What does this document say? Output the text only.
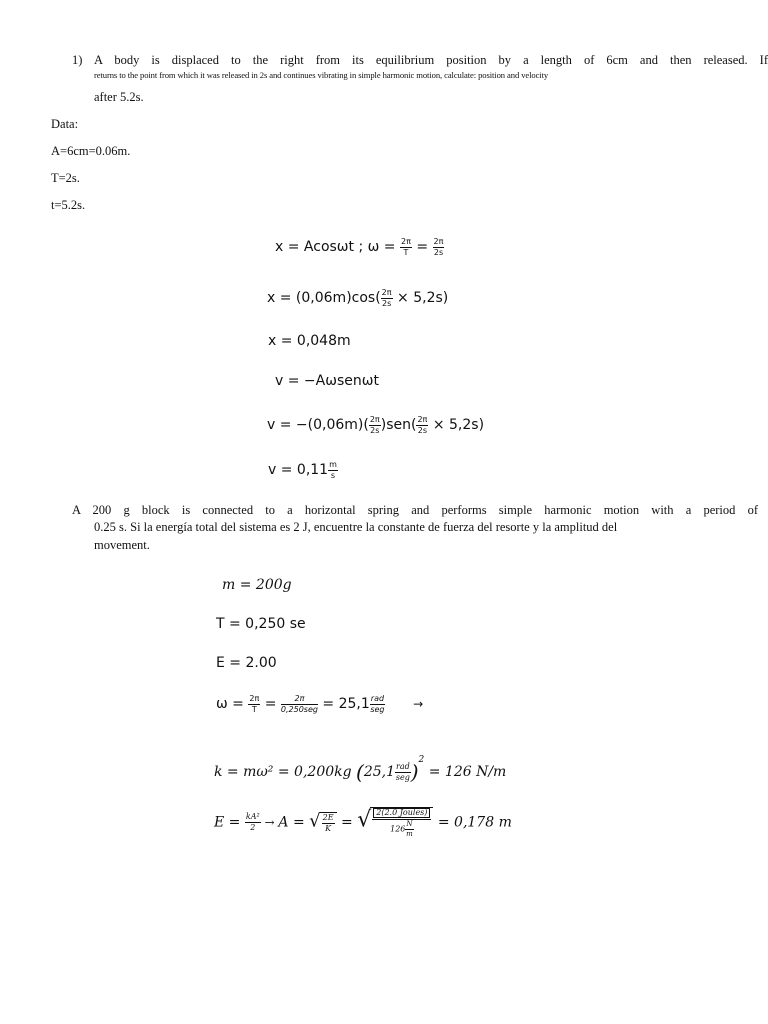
1) A body is displaced to the right from its equilibrium position by a length of 6cm and then released. If
returns to the point from which it was released in 2s and continues vibrating in simple harmonic motion, calculate: position and velocity
after 5.2s.
Data:
A=6cm=0.06m.
T=2s.
t=5.2s.
x = Acosωt ; $\omega = \frac{2\pi}{T} = \frac{2\pi}{2s}$
$x = (0,06m)\cos( \frac{2\pi}{2s} \times 5,2s)$
x = 0,048m
v = −Aωsenωt
$v = -(0,06m)( \frac{2\pi}{2s} )sen( \frac{2\pi}{2s} \times 5,2s)$
$v = 0,11 \frac{m}{s}$
A 200 g block is connected to a horizontal spring and performs simple harmonic motion with a period of
0.25 s. Si la energía total del sistema es 2 J, encuentre la constante de fuerza del resorte y la amplitud del
movement.
m = 200g
T = 0,250 se
E = 2.00
$\omega = \frac{2\pi}{T} = \frac{2\pi}{\text{0,250seg}} = 25,1 \frac{\text{rad}}{\text{seg}}$ →
k = mω² = 0,200kg $(25,1 \frac{\text{rad}}{\text{seg}} )^2 = 126$ N/m
$E = \frac{\text{kA²}}{2} \to A$ = √ $\frac{2E}{K}$ = √ $\frac{\text{2(2.0 Joules)}}{126 \frac{N}{m}} = 0,178$ m
